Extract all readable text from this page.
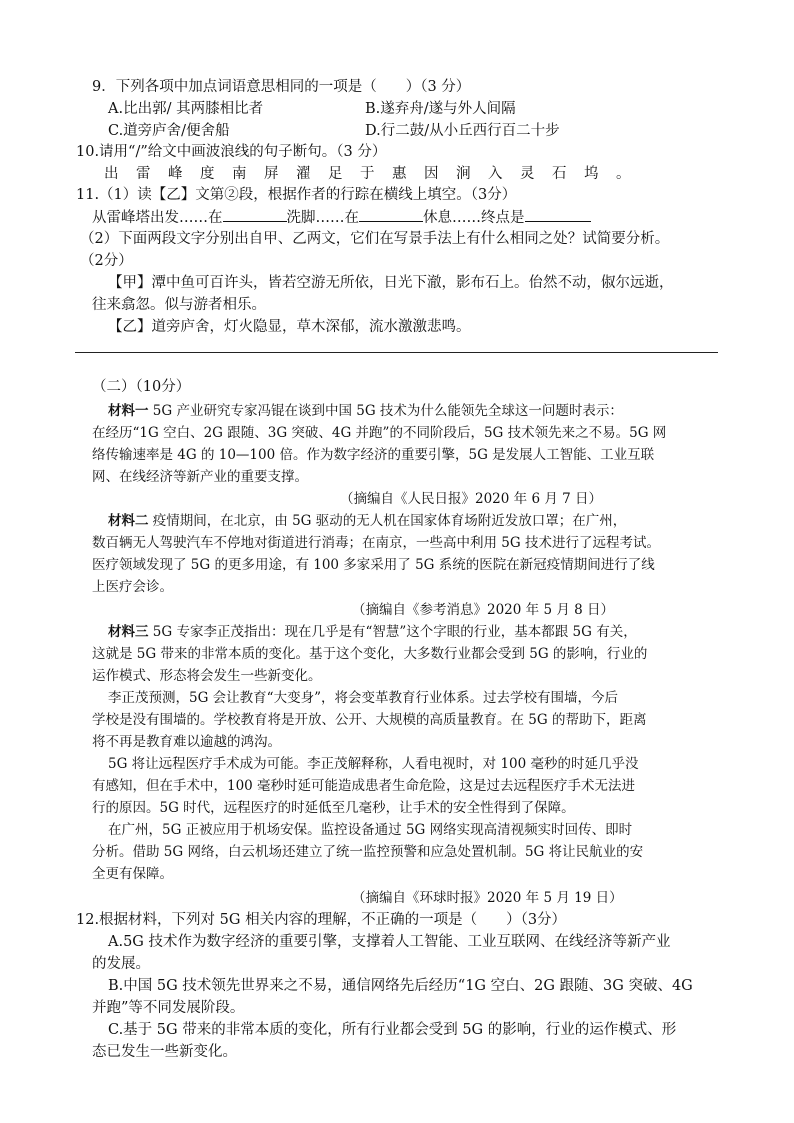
9．下列各项中加点词语意思相同的一项是（　　）（3 分）
A.比出郭/ 其两膝相比者	B.遂弃舟/遂与外人间隔
C.道旁庐舍/便舍船	D.行二鼓/从小丘西行百二十步
10.请用“/”给文中画波浪线的句子断句。（3 分）
出雷峰度南屏濯足于惠因涧入灵石坞。
11.（1）读【乙】文第②段，根据作者的行踪在横线上填空。（3分）
从雷峰塔出发……在	洗脚……在	休息……终点是
（2）下面两段文字分别出自甲、乙两文，它们在写景手法上有什么相同之处？试简要分析。
（2分）
【甲】潭中鱼可百许头，皆若空游无所依，日光下澈，影布石上。佁然不动，俶尔远逝，
往来翕忽。似与游者相乐。
【乙】道旁庐舍，灯火隐显，草木深郁，流水激激悲鸣。
（二）（10分）
材料一 5G 产业研究专家冯锟在谈到中国 5G 技术为什么能领先全球这一问题时表示：
在经历“1G 空白、2G 跟随、3G 突破、4G 并跑”的不同阶段后，5G 技术领先来之不易。5G 网
络传输速率是 4G 的 10—100 倍。作为数字经济的重要引擎，5G 是发展人工智能、工业互联
网、在线经济等新产业的重要支撑。
（摘编自《人民日报》2020 年 6 月 7 日）
材料二 疫情期间，在北京，由 5G 驱动的无人机在国家体育场附近发放口罩；在广州，
数百辆无人驾驶汽车不停地对街道进行消毒；在南京，一些高中利用 5G 技术进行了远程考试。
医疗领域发现了 5G 的更多用途，有 100 多家采用了 5G 系统的医院在新冠疫情期间进行了线
上医疗会诊。
（摘编自《参考消息》2020 年 5 月 8 日）
材料三 5G 专家李正茂指出：现在几乎是有“智慧”这个字眼的行业，基本都跟 5G 有关，
这就是 5G 带来的非常本质的变化。基于这个变化，大多数行业都会受到 5G 的影响，行业的
运作模式、形态将会发生一些新变化。
李正茂预测，5G 会让教育“大变身”，将会变革教育行业体系。过去学校有围墙，今后
学校是没有围墙的。学校教育将是开放、公开、大规模的高质量教育。在 5G 的帮助下，距离
将不再是教育难以逾越的鸿沟。
5G 将让远程医疗手术成为可能。李正茂解释称，人看电视时，对 100 毫秒的时延几乎没
有感知，但在手术中，100 毫秒时延可能造成患者生命危险，这是过去远程医疗手术无法进
行的原因。5G 时代，远程医疗的时延低至几毫秒，让手术的安全性得到了保障。
在广州，5G 正被应用于机场安保。监控设备通过 5G 网络实现高清视频实时回传、即时
分析。借助 5G 网络，白云机场还建立了统一监控预警和应急处置机制。5G 将让民航业的安
全更有保障。
（摘编自《环球时报》2020 年 5 月 19 日）
12.根据材料，下列对 5G 相关内容的理解，不正确的一项是（　　）（3分）
A.5G 技术作为数字经济的重要引擎，支撑着人工智能、工业互联网、在线经济等新产业
的发展。
B.中国 5G 技术领先世界来之不易，通信网络先后经历“1G 空白、2G 跟随、3G 突破、4G
并跑”等不同发展阶段。
C.基于 5G 带来的非常本质的变化，所有行业都会受到 5G 的影响，行业的运作模式、形
态已发生一些新变化。
